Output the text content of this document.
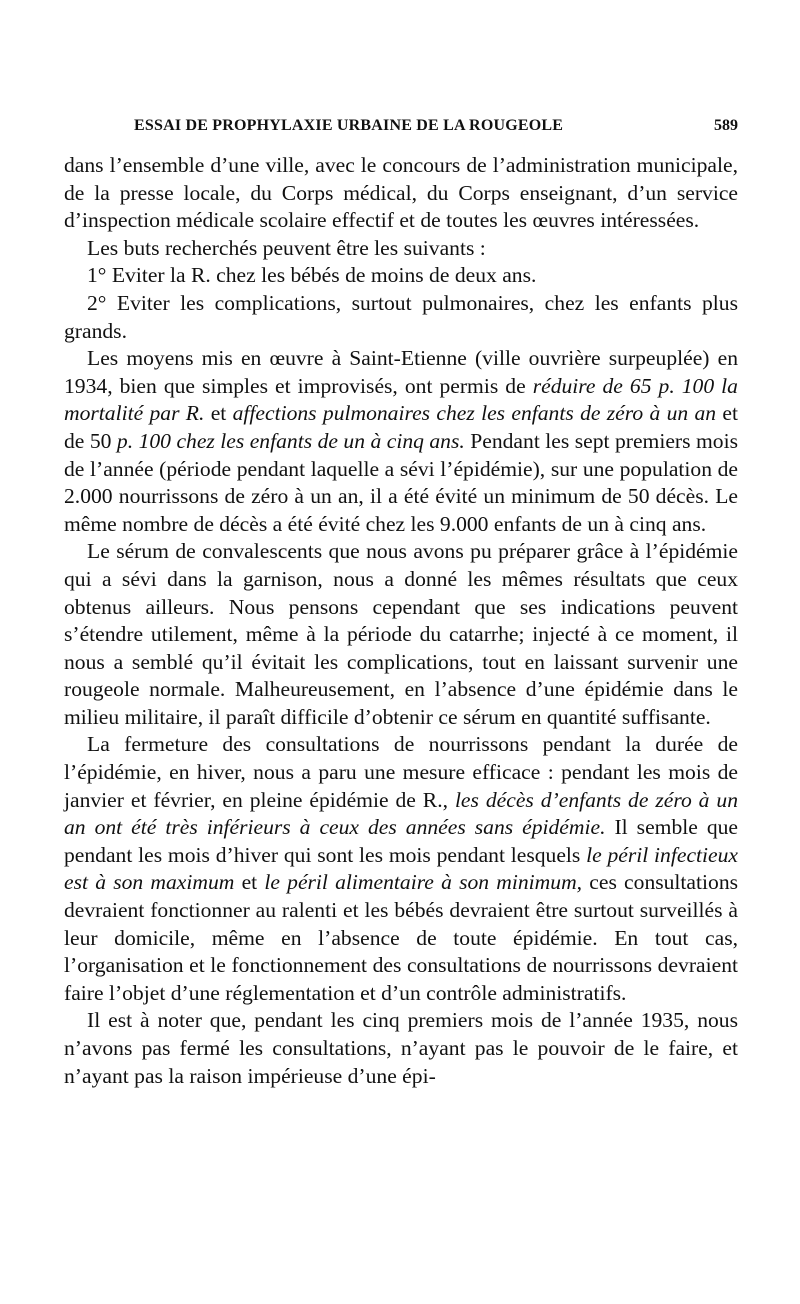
ESSAI DE PROPHYLAXIE URBAINE DE LA ROUGEOLE	589

dans l’ensemble d’une ville, avec le concours de l’administration municipale, de la presse locale, du Corps médical, du Corps enseignant, d’un service d’inspection médicale scolaire effectif et de toutes les œuvres intéressées.

Les buts recherchés peuvent être les suivants :

1° Eviter la R. chez les bébés de moins de deux ans.

2° Eviter les complications, surtout pulmonaires, chez les enfants plus grands.

Les moyens mis en œuvre à Saint-Etienne (ville ouvrière surpeuplée) en 1934, bien que simples et improvisés, ont permis de réduire de 65 p. 100 la mortalité par R. et affections pulmonaires chez les enfants de zéro à un an et de 50 p. 100 chez les enfants de un à cinq ans. Pendant les sept premiers mois de l’année (période pendant laquelle a sévi l’épidémie), sur une population de 2.000 nourrissons de zéro à un an, il a été évité un minimum de 50 décès. Le même nombre de décès a été évité chez les 9.000 enfants de un à cinq ans.

Le sérum de convalescents que nous avons pu préparer grâce à l’épidémie qui a sévi dans la garnison, nous a donné les mêmes résultats que ceux obtenus ailleurs. Nous pensons cependant que ses indications peuvent s’étendre utilement, même à la période du catarrhe; injecté à ce moment, il nous a semblé qu’il évitait les complications, tout en laissant survenir une rougeole normale. Malheureusement, en l’absence d’une épidémie dans le milieu militaire, il paraît difficile d’obtenir ce sérum en quantité suffisante.

La fermeture des consultations de nourrissons pendant la durée de l’épidémie, en hiver, nous a paru une mesure efficace : pendant les mois de janvier et février, en pleine épidémie de R., les décès d’enfants de zéro à un an ont été très inférieurs à ceux des années sans épidémie. Il semble que pendant les mois d’hiver qui sont les mois pendant lesquels le péril infectieux est à son maximum et le péril alimentaire à son minimum, ces consultations devraient fonctionner au ralenti et les bébés devraient être surtout surveillés à leur domicile, même en l’absence de toute épidémie. En tout cas, l’organisation et le fonctionnement des consultations de nourrissons devraient faire l’objet d’une réglementation et d’un contrôle administratifs.

Il est à noter que, pendant les cinq premiers mois de l’année 1935, nous n’avons pas fermé les consultations, n’ayant pas le pouvoir de le faire, et n’ayant pas la raison impérieuse d’une épi-
